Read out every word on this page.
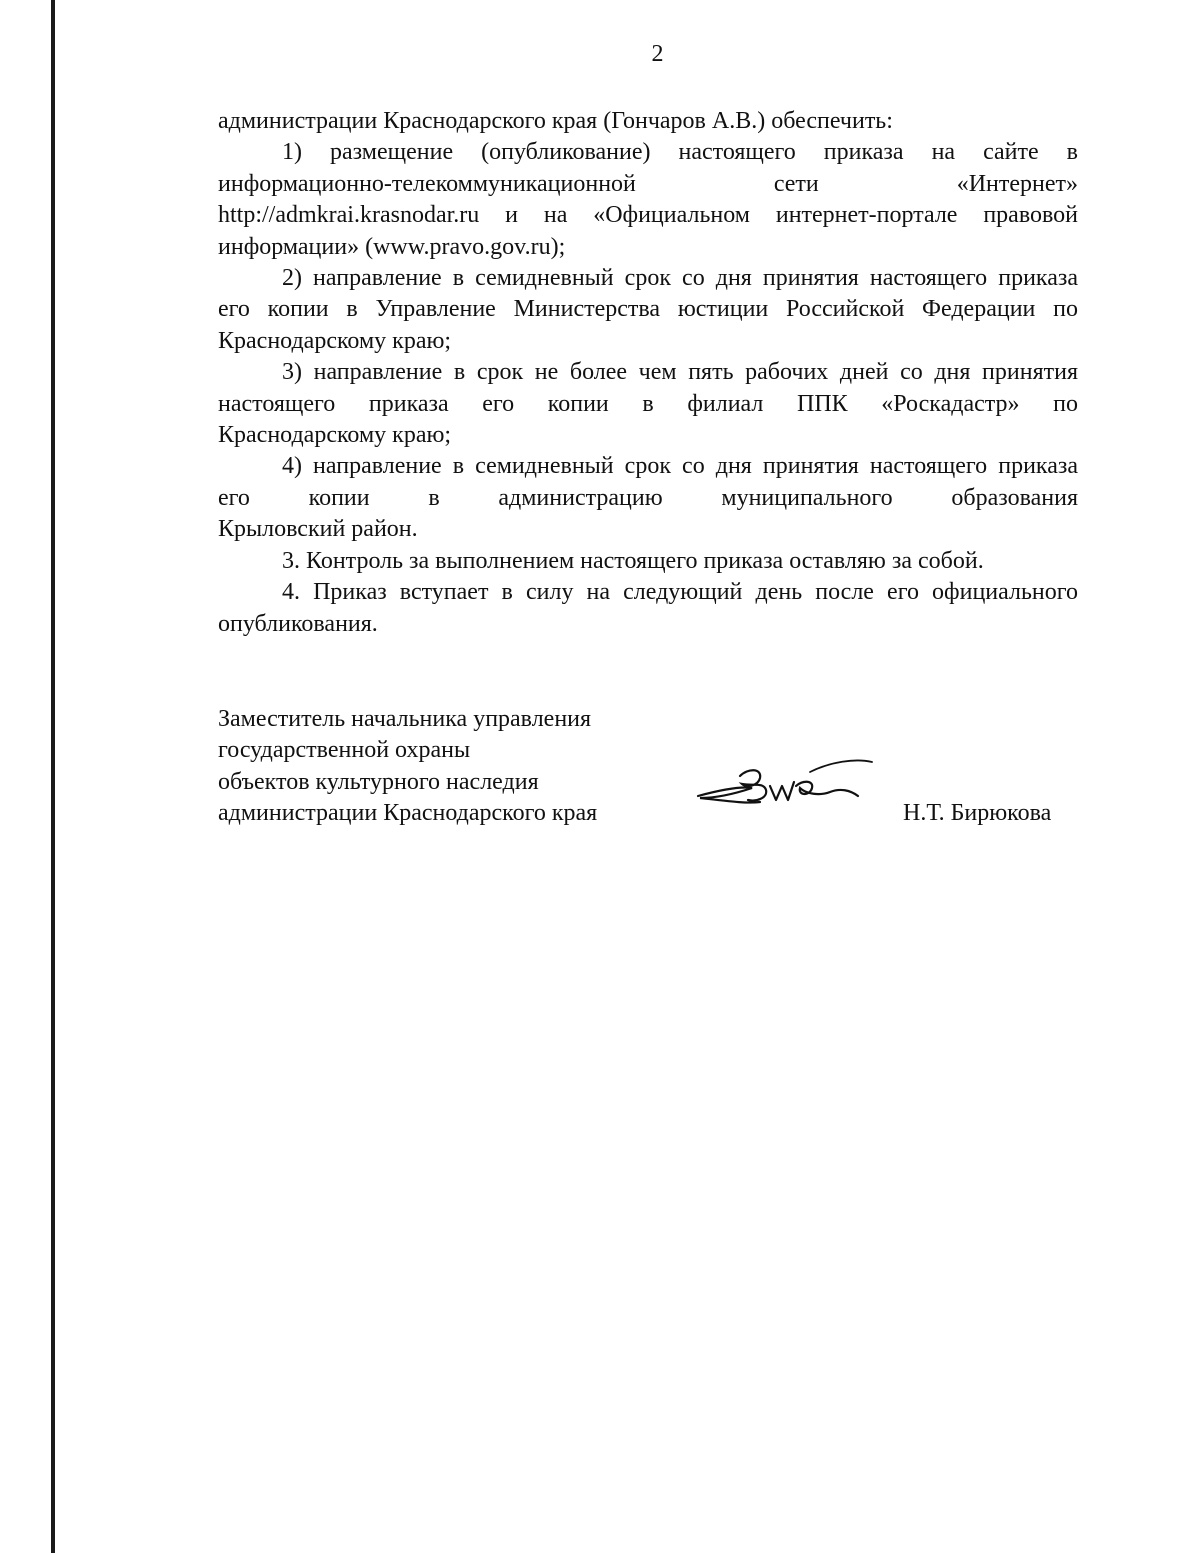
2

администрации Краснодарского края (Гончаров А.В.) обеспечить:

1) размещение (опубликование) настоящего приказа на сайте в
информационно-телекоммуникационной сети «Интернет»
http://admkrai.krasnodar.ru и на «Официальном интернет-портале правовой
информации» (www.pravo.gov.ru);

2) направление в семидневный срок со дня принятия настоящего приказа
его копии в Управление Министерства юстиции Российской Федерации по
Краснодарскому краю;

3) направление в срок не более чем пять рабочих дней со дня принятия
настоящего приказа его копии в филиал ППК «Роскадастр» по
Краснодарскому краю;

4) направление в семидневный срок со дня принятия настоящего приказа
его копии в администрацию муниципального образования
Крыловский район.

3. Контроль за выполнением настоящего приказа оставляю за собой.

4. Приказ вступает в силу на следующий день после его официального
опубликования.

Заместитель начальника управления
государственной охраны
объектов культурного наследия
администрации Краснодарского края	Н.Т. Бирюкова
